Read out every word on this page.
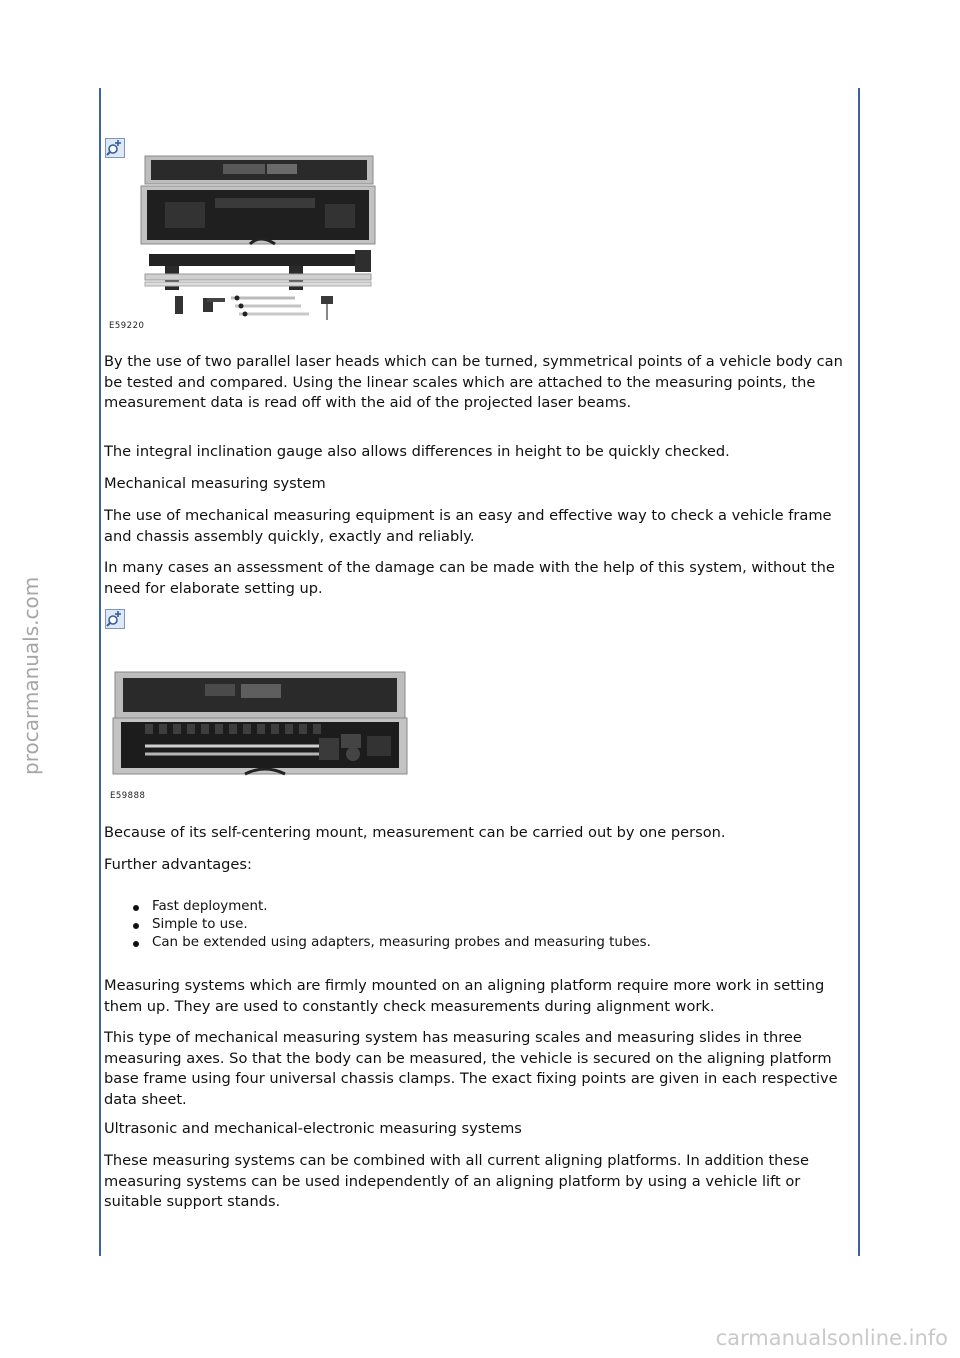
procarmanuals.com
E59220

By the use of two parallel laser heads which can be turned, symmetrical points of a vehicle body can be tested and compared. Using the linear scales which are attached to the measuring points, the measurement data is read off with the aid of the projected laser beams.

The integral inclination gauge also allows differences in height to be quickly checked.

Mechanical measuring system

The use of mechanical measuring equipment is an easy and effective way to check a vehicle frame and chassis assembly quickly, exactly and reliably.

In many cases an assessment of the damage can be made with the help of this system, without the need for elaborate setting up.

E59888

Because of its self-centering mount, measurement can be carried out by one person.

Further advantages:

Fast deployment.
Simple to use.
Can be extended using adapters, measuring probes and measuring tubes.

Measuring systems which are firmly mounted on an aligning platform require more work in setting them up. They are used to constantly check measurements during alignment work.

This type of mechanical measuring system has measuring scales and measuring slides in three measuring axes. So that the body can be measured, the vehicle is secured on the aligning platform base frame using four universal chassis clamps. The exact fixing points are given in each respective data sheet.

Ultrasonic and mechanical-electronic measuring systems

These measuring systems can be combined with all current aligning platforms. In addition these measuring systems can be used independently of an aligning platform by using a vehicle lift or suitable support stands.

carmanualsonline.info
